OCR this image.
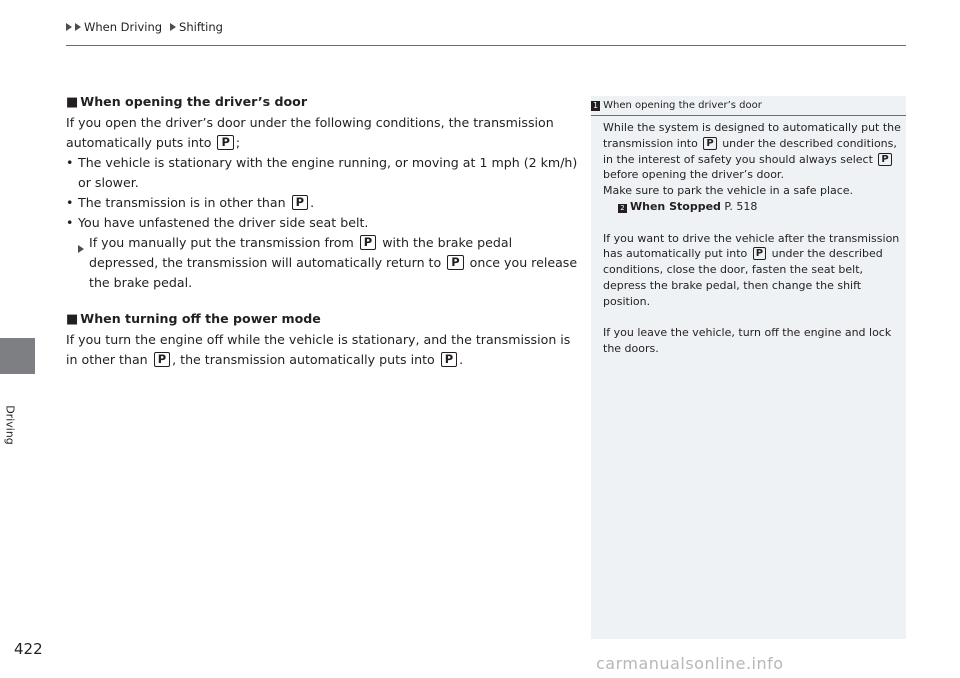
When Driving Shifting
Driving
■ When opening the driver’s door

If you open the driver’s door under the following conditions, the transmission automatically puts into P ;

• The vehicle is stationary with the engine running, or moving at 1 mph (2 km/h) or slower.
• The transmission is in other than P .
• You have unfastened the driver side seat belt.
If you manually put the transmission from P with the brake pedal depressed, the transmission will automatically return to P once you release the brake pedal.
■ When turning off the power mode

If you turn the engine off while the vehicle is stationary, and the transmission is in other than P , the transmission automatically puts into P .

1 When opening the driver’s door

While the system is designed to automatically put the transmission into P under the described conditions, in the interest of safety you should always select P before opening the driver’s door.

Make sure to park the vehicle in a safe place.

2 When Stopped P. 518

If you want to drive the vehicle after the transmission has automatically put into P under the described conditions, close the door, fasten the seat belt, depress the brake pedal, then change the shift position.

If you leave the vehicle, turn off the engine and lock the doors.

422
carmanualsonline.info
